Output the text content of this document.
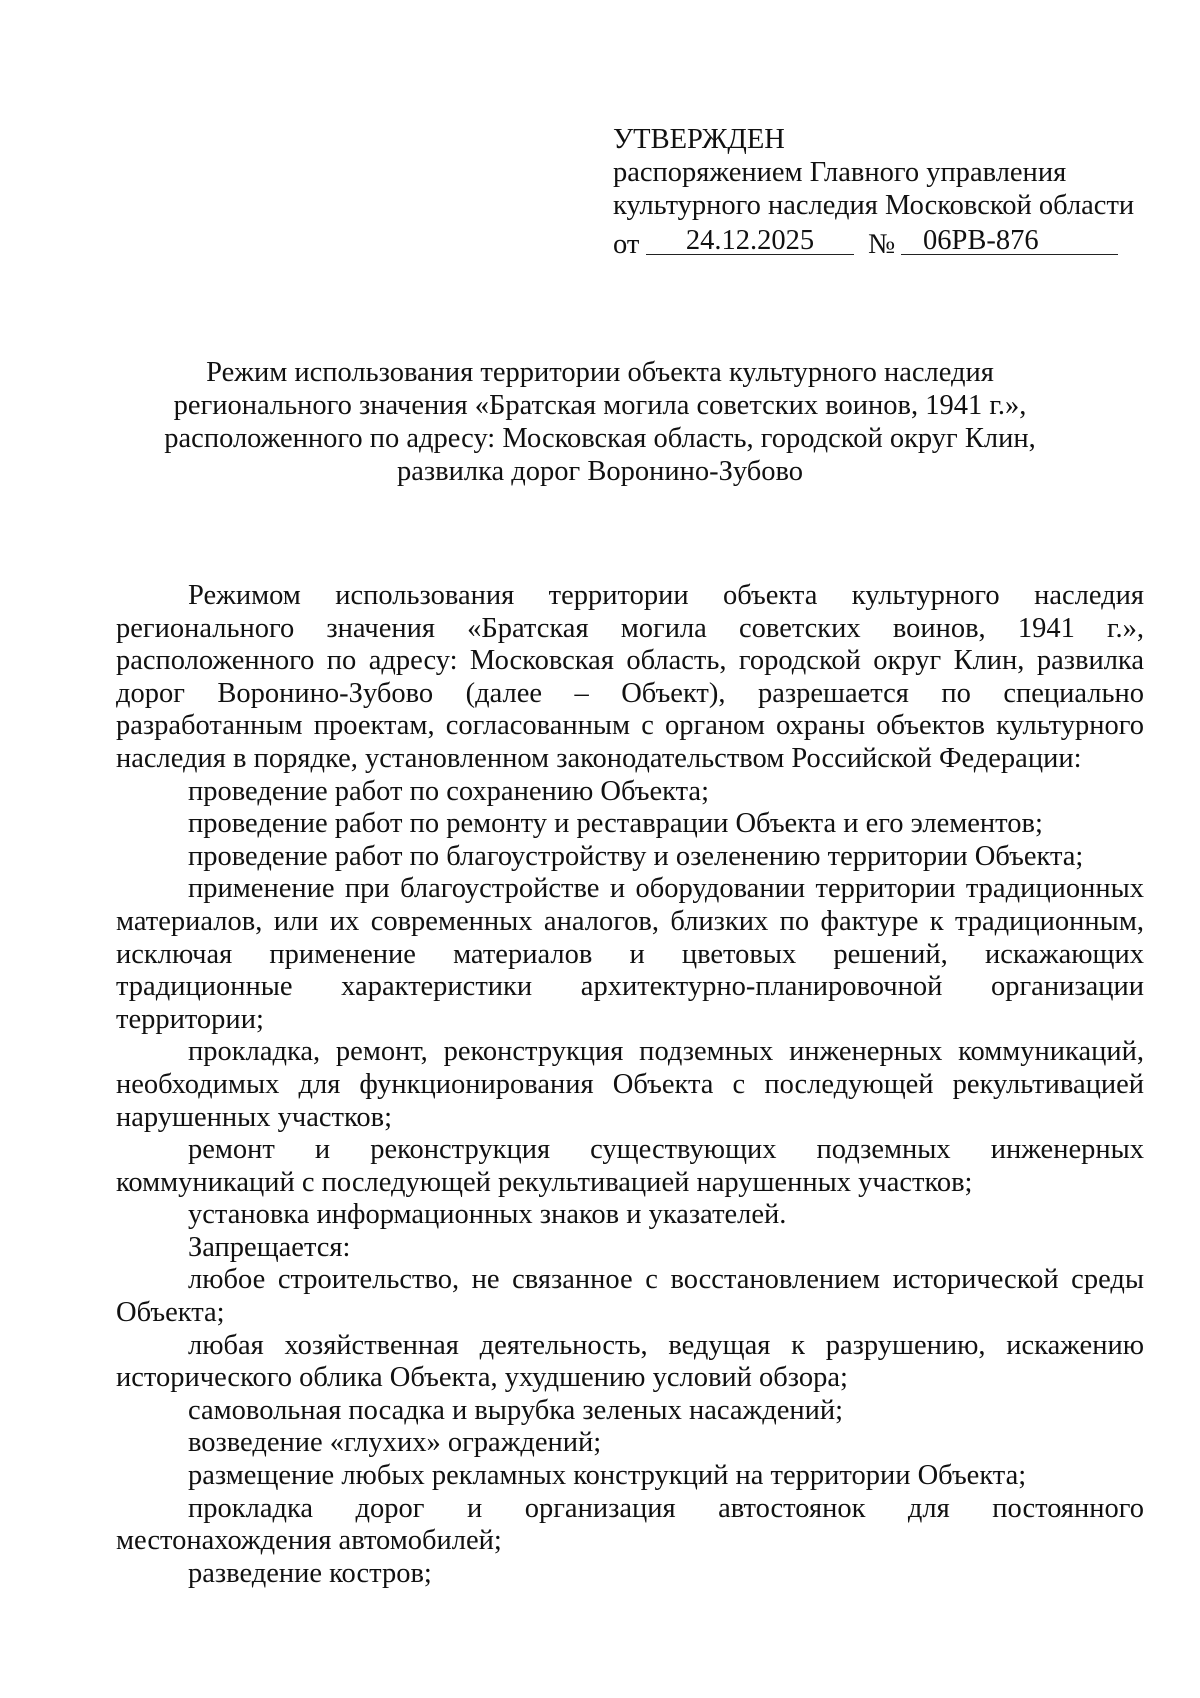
УТВЕРЖДЕН
распоряжением Главного управления
культурного наследия Московской области
от	24.12.2025	№ 06РВ-876
Режим использования территории объекта культурного наследия
регионального значения «Братская могила советских воинов, 1941 г.»,
расположенного по адресу: Московская область, городской округ Клин,
развилка дорог Воронино-Зубово

Режимом использования территории объекта культурного наследия регионального значения «Братская могила советских воинов, 1941 г.», расположенного по адресу: Московская область, городской округ Клин, развилка дорог Воронино-Зубово (далее – Объект), разрешается по специально разработанным проектам, согласованным с органом охраны объектов культурного наследия в порядке, установленном законодательством Российской Федерации:

проведение работ по сохранению Объекта;

проведение работ по ремонту и реставрации Объекта и его элементов;

проведение работ по благоустройству и озеленению территории Объекта;

применение при благоустройстве и оборудовании территории традиционных материалов, или их современных аналогов, близких по фактуре к традиционным, исключая применение материалов и цветовых решений, искажающих традиционные характеристики архитектурно-планировочной организации территории;

прокладка, ремонт, реконструкция подземных инженерных коммуникаций, необходимых для функционирования Объекта с последующей рекультивацией нарушенных участков;

ремонт и реконструкция существующих подземных инженерных коммуникаций с последующей рекультивацией нарушенных участков;

установка информационных знаков и указателей.

Запрещается:

любое строительство, не связанное с восстановлением исторической среды Объекта;

любая хозяйственная деятельность, ведущая к разрушению, искажению исторического облика Объекта, ухудшению условий обзора;

самовольная посадка и вырубка зеленых насаждений;

возведение «глухих» ограждений;

размещение любых рекламных конструкций на территории Объекта;

прокладка дорог и организация автостоянок для постоянного местонахождения автомобилей;

разведение костров;
